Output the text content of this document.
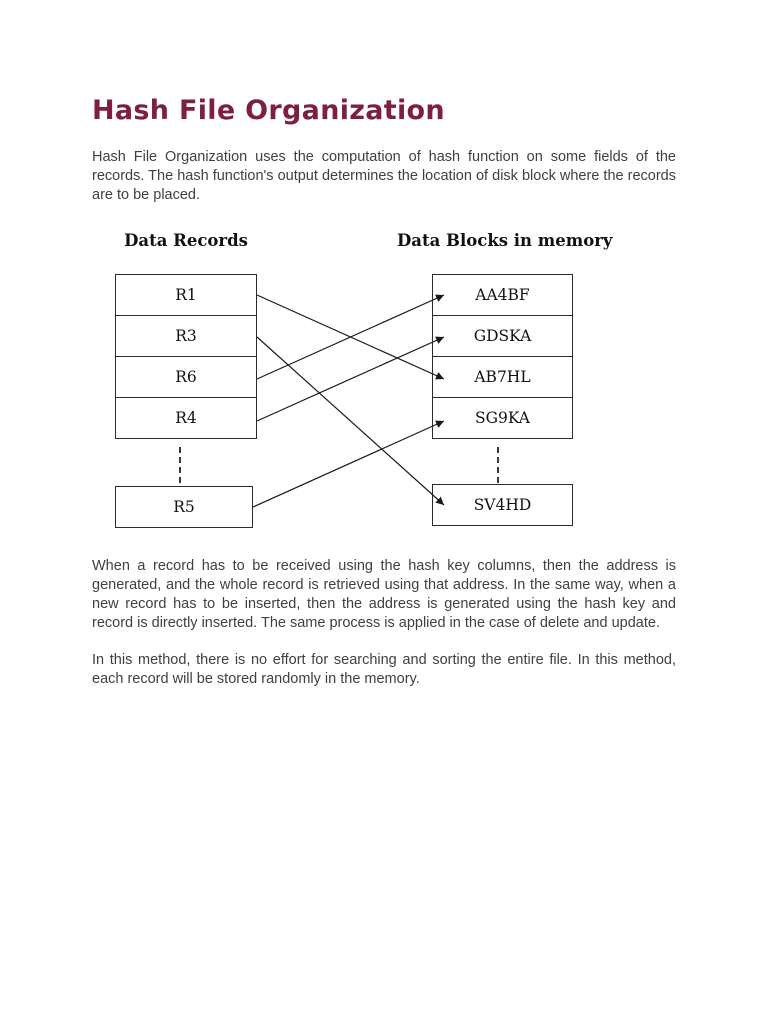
Hash File Organization

Hash File Organization uses the computation of hash function on some fields of the records. The hash function's output determines the location of disk block where the records are to be placed.

Data Records	Data Blocks in memory
R1
R3
R6
R4
R5
AA4BF
GDSKA
AB7HL
SG9KA
SV4HD

When a record has to be received using the hash key columns, then the address is generated, and the whole record is retrieved using that address. In the same way, when a new record has to be inserted, then the address is generated using the hash key and record is directly inserted. The same process is applied in the case of delete and update.

In this method, there is no effort for searching and sorting the entire file. In this method, each record will be stored randomly in the memory.
